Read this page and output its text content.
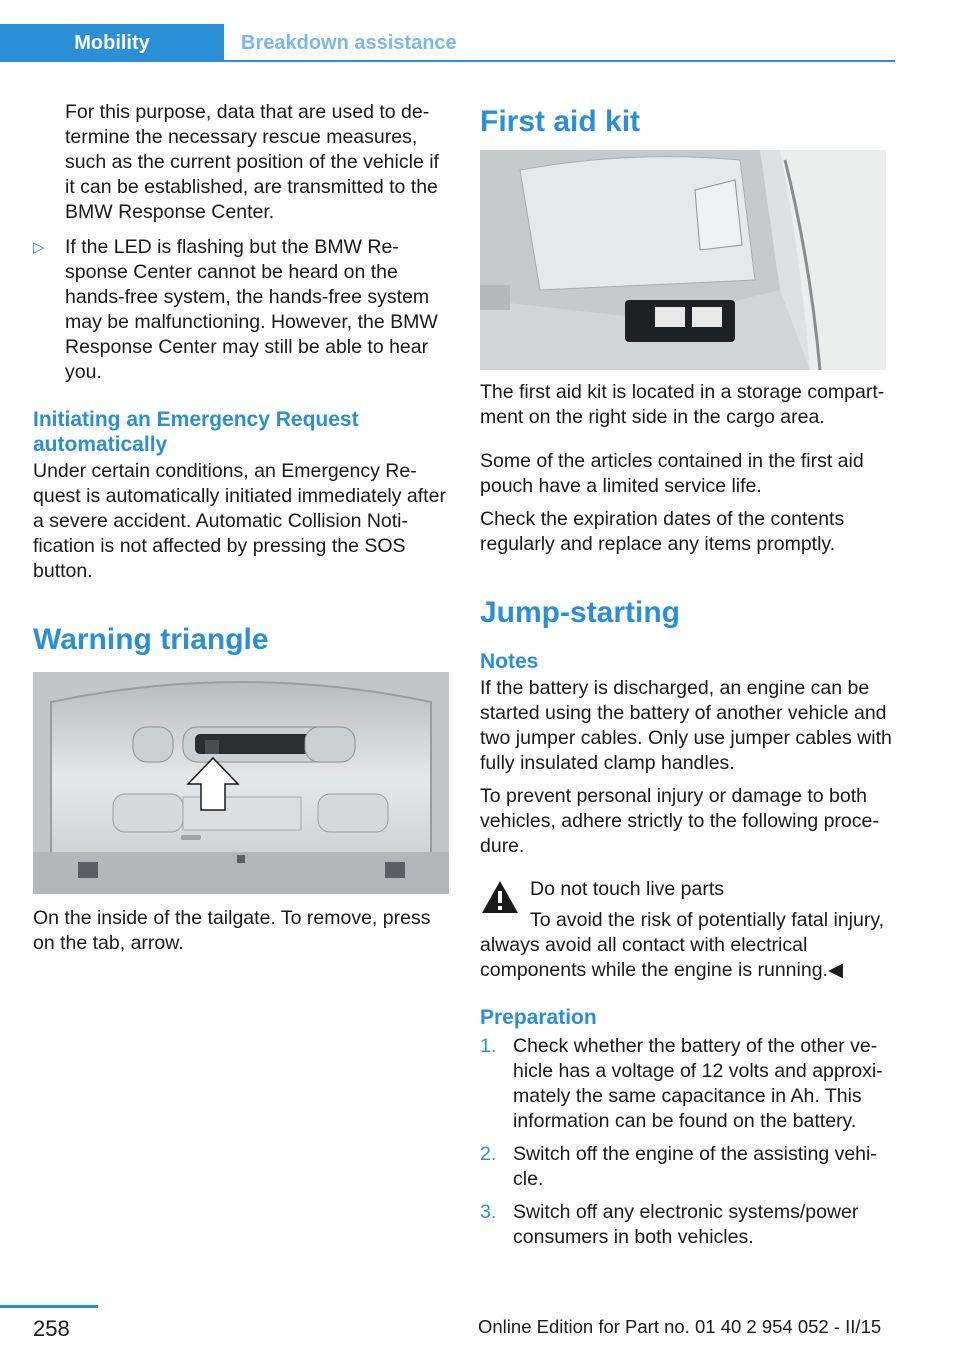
Mobility	Breakdown assistance

For this purpose, data that are used to determine the necessary rescue measures, such as the current position of the vehicle if it can be established, are transmitted to the BMW Response Center.

▷ If the LED is flashing but the BMW Response Center cannot be heard on the hands-free system, the hands-free system may be malfunctioning. However, the BMW Response Center may still be able to hear you.
Initiating an Emergency Request automatically

Under certain conditions, an Emergency Request is automatically initiated immediately after a severe accident. Automatic Collision Notification is not affected by pressing the SOS button.

Warning triangle

On the inside of the tailgate. To remove, press on the tab, arrow.

First aid kit

The first aid kit is located in a storage compartment on the right side in the cargo area.

Some of the articles contained in the first aid pouch have a limited service life.

Check the expiration dates of the contents regularly and replace any items promptly.

Jump-starting
Notes

If the battery is discharged, an engine can be started using the battery of another vehicle and two jumper cables. Only use jumper cables with fully insulated clamp handles.

To prevent personal injury or damage to both vehicles, adhere strictly to the following procedure.

Do not touch live parts

To avoid the risk of potentially fatal injury, always avoid all contact with electrical components while the engine is running.◀

Preparation
1. Check whether the battery of the other vehicle has a voltage of 12 volts and approximately the same capacitance in Ah. This information can be found on the battery.
2. Switch off the engine of the assisting vehicle.
3. Switch off any electronic systems/power consumers in both vehicles.
258	Online Edition for Part no. 01 40 2 954 052 - II/15
